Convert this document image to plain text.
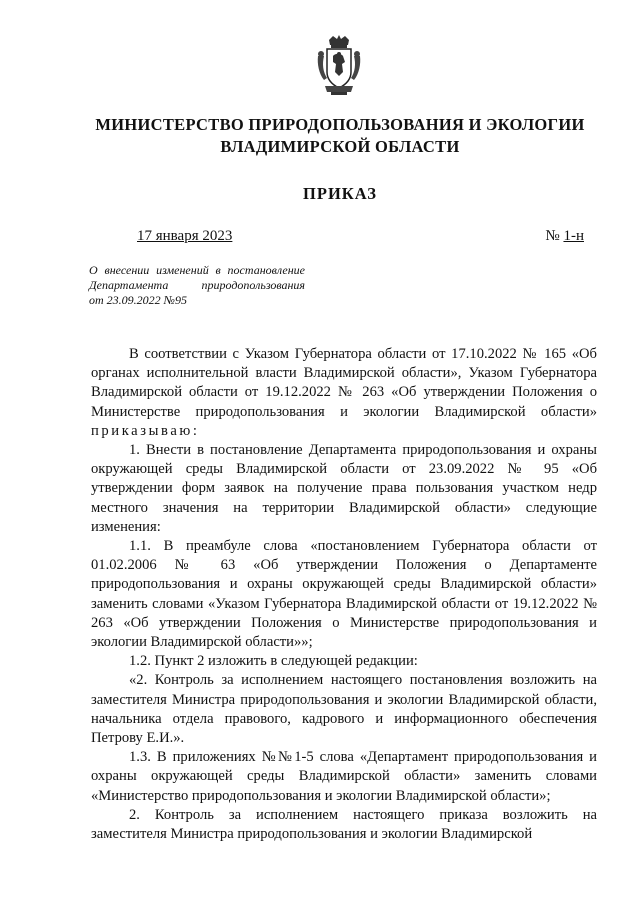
МИНИСТЕРСТВО ПРИРОДОПОЛЬЗОВАНИЯ И ЭКОЛОГИИ
ВЛАДИМИРСКОЙ ОБЛАСТИ
ПРИКАЗ
17 января 2023	№ 1-н
О внесении изменений в постановление
Департамента природопользования
от 23.09.2022 №95

В соответствии с Указом Губернатора области от 17.10.2022 № 165 «Об органах исполнительной власти Владимирской области», Указом Губернатора Владимирской области от 19.12.2022 № 263 «Об утверждении Положения о Министерстве природопользования и экологии Владимирской области» приказываю:

1. Внести в постановление Департамента природопользования и охраны окружающей среды Владимирской области от 23.09.2022 № 95 «Об утверждении форм заявок на получение права пользования участком недр местного значения на территории Владимирской области» следующие изменения:

1.1. В преамбуле слова «постановлением Губернатора области от 01.02.2006 № 63 «Об утверждении Положения о Департаменте природопользования и охраны окружающей среды Владимирской области» заменить словами «Указом Губернатора Владимирской области от 19.12.2022 № 263 «Об утверждении Положения о Министерстве природопользования и экологии Владимирской области»»;

1.2. Пункт 2 изложить в следующей редакции:

«2. Контроль за исполнением настоящего постановления возложить на заместителя Министра природопользования и экологии Владимирской области, начальника отдела правового, кадрового и информационного обеспечения Петрову Е.И.».

1.3. В приложениях №№1-5 слова «Департамент природопользования и охраны окружающей среды Владимирской области» заменить словами «Министерство природопользования и экологии Владимирской области»;

2. Контроль за исполнением настоящего приказа возложить на заместителя Министра природопользования и экологии Владимирской
